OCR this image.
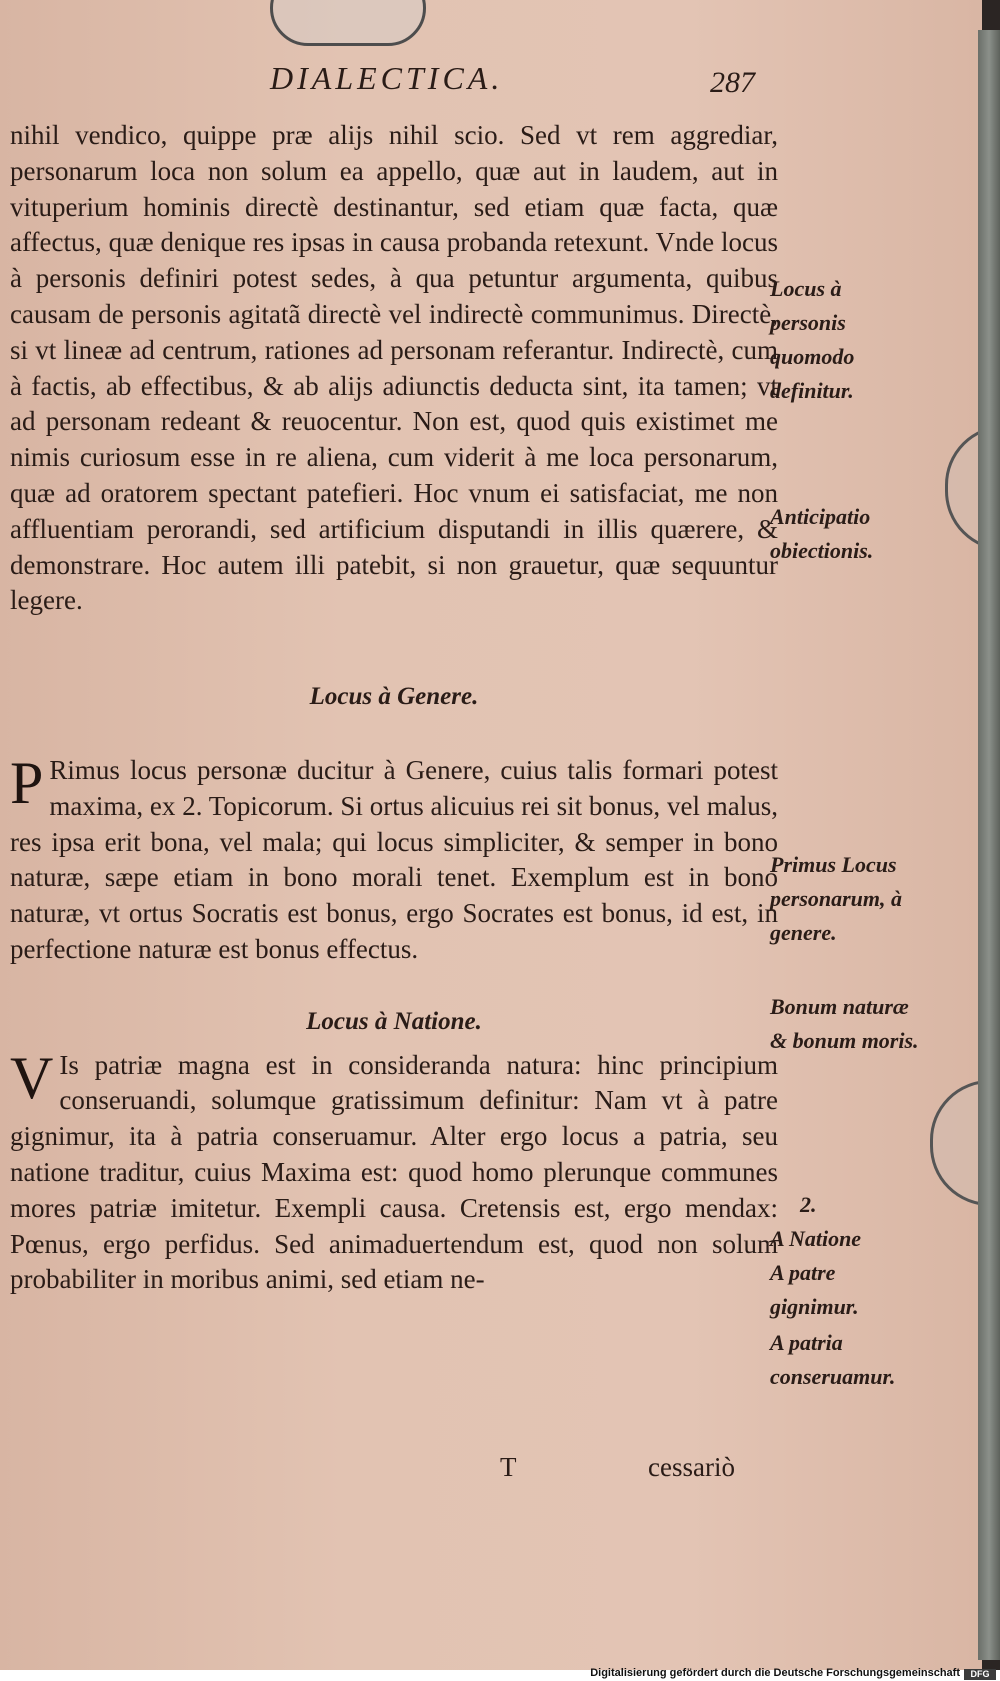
DIALECTICA.	287

nihil vendico, quippe præ alijs nihil scio. Sed vt rem aggrediar, personarum loca non solum ea appello, quæ aut in laudem, aut in vituperium hominis directè destinantur, sed etiam quæ facta, quæ affectus, quæ denique res ipsas in causa probanda retexunt. Vnde locus à personis definiri potest sedes, à qua petuntur argumenta, quibus causam de personis agitatã directè vel indirectè communimus. Directè, si vt lineæ ad centrum, rationes ad personam referantur. Indirectè, cum à factis, ab effectibus, & ab alijs adiunctis deducta sint, ita tamen; vt ad personam redeant & reuocentur. Non est, quod quis existimet me nimis curiosum esse in re aliena, cum viderit à me loca personarum, quæ ad oratorem spectant patefieri. Hoc vnum ei satisfaciat, me non affluentiam perorandi, sed artificium disputandi in illis quærere, & demonstrare. Hoc autem illi patebit, si non grauetur, quæ sequuntur legere.

Locus à Genere.

P Rimus locus personæ ducitur à Genere, cuius talis formari potest maxima, ex 2. Topicorum. Si ortus alicuius rei sit bonus, vel malus, res ipsa erit bona, vel mala; qui locus simpliciter, & semper in bono naturæ, sæpe etiam in bono morali tenet. Exemplum est in bono naturæ, vt ortus Socratis est bonus, ergo Socrates est bonus, id est, in perfectione naturæ est bonus effectus.

Locus à Natione.

V Is patriæ magna est in consideranda natura: hinc principium conseruandi, solumque gratissimum definitur: Nam vt à patre gignimur, ita à patria conseruamur. Alter ergo locus a patria, seu natione traditur, cuius Maxima est: quod homo plerunque communes mores patriæ imitetur. Exempli causa. Cretensis est, ergo mendax: Pœnus, ergo perfidus. Sed animaduertendum est, quod non solum probabiliter in moribus animi, sed etiam ne-

Locus à personis quomodo definitur.
Anticipatio obiectionis.
Primus Locus personarum, à genere.
Bonum naturæ & bonum moris.
2.
A Natione
A patre gignimur.
A patria conseruamur.
T	cessariò
Digitalisierung gefördert durch die Deutsche Forschungsgemeinschaft	DFG
